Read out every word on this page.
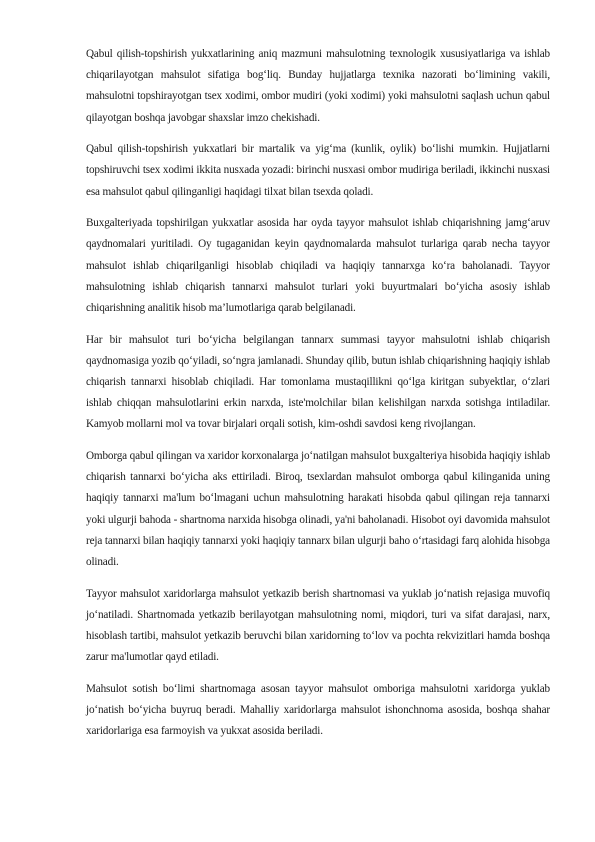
Qabul qilish-topshirish yukxatlarining aniq mazmuni mahsulotning texnologik xususiyatlariga va ishlab chiqarilayotgan mahsulot sifatiga bog‘liq. Bunday hujjatlarga texnika nazorati bo‘limining vakili, mahsulotni topshirayotgan tsex xodimi, ombor mudiri (yoki xodimi) yoki mahsulotni saqlash uchun qabul qilayotgan boshqa javobgar shaxslar imzo chekishadi.

Qabul qilish-topshirish yukxatlari bir martalik va yig‘ma (kunlik, oylik) bo‘lishi mumkin. Hujjatlarni topshiruvchi tsex xodimi ikkita nusxada yozadi: birinchi nusxasi ombor mudiriga beriladi, ikkinchi nusxasi esa mahsulot qabul qilinganligi haqidagi tilxat bilan tsexda qoladi.

Buxgalteriyada topshirilgan yukxatlar asosida har oyda tayyor mahsulot ishlab chiqarishning jamg‘aruv qaydnomalari yuritiladi. Oy tugaganidan keyin qaydnomalarda mahsulot turlariga qarab necha tayyor mahsulot ishlab chiqarilganligi hisoblab chiqiladi va haqiqiy tannarxga ko‘ra baholanadi. Tayyor mahsulotning ishlab chiqarish tannarxi mahsulot turlari yoki buyurtmalari bo‘yicha asosiy ishlab chiqarishning analitik hisob ma’lumotlariga qarab belgilanadi.

Har bir mahsulot turi bo‘yicha belgilangan tannarx summasi tayyor mahsulotni ishlab chiqarish qaydnomasiga yozib qo‘yiladi, so‘ngra jamlanadi. Shunday qilib, butun ishlab chiqarishning haqiqiy ishlab chiqarish tannarxi hisoblab chiqiladi. Har tomonlama mustaqillikni qo‘lga kiritgan subyektlar, o‘zlari ishlab chiqqan mahsulotlarini erkin narxda, iste'molchilar bilan kelishilgan narxda sotishga intiladilar. Kamyob mollarni mol va tovar birjalari orqali sotish, kim-oshdi savdosi keng rivojlangan.

Omborga qabul qilingan va xaridor korxonalarga jo‘natilgan mahsulot buxgalteriya hisobida haqiqiy ishlab chiqarish tannarxi bo‘yicha aks ettiriladi. Biroq, tsexlardan mahsulot omborga qabul kilinganida uning haqiqiy tannarxi ma'lum bo‘lmagani uchun mahsulotning harakati hisobda qabul qilingan reja tannarxi yoki ulgurji bahoda - shartnoma narxida hisobga olinadi, ya'ni baholanadi. Hisobot oyi davomida mahsulot reja tannarxi bilan haqiqiy tannarxi yoki haqiqiy tannarx bilan ulgurji baho o‘rtasidagi farq alohida hisobga olinadi.

Tayyor mahsulot xaridorlarga mahsulot yetkazib berish shartnomasi va yuklab jo‘natish rejasiga muvofiq jo‘natiladi. Shartnomada yetkazib berilayotgan mahsulotning nomi, miqdori, turi va sifat darajasi, narx, hisoblash tartibi, mahsulot yetkazib beruvchi bilan xaridorning to‘lov va pochta rekvizitlari hamda boshqa zarur ma'lumotlar qayd etiladi.

Mahsulot sotish bo‘limi shartnomaga asosan tayyor mahsulot omboriga mahsulotni xaridorga yuklab jo‘natish bo‘yicha buyruq beradi. Mahalliy xaridorlarga mahsulot ishonchnoma asosida, boshqa shahar xaridorlariga esa farmoyish va yukxat asosida beriladi.
